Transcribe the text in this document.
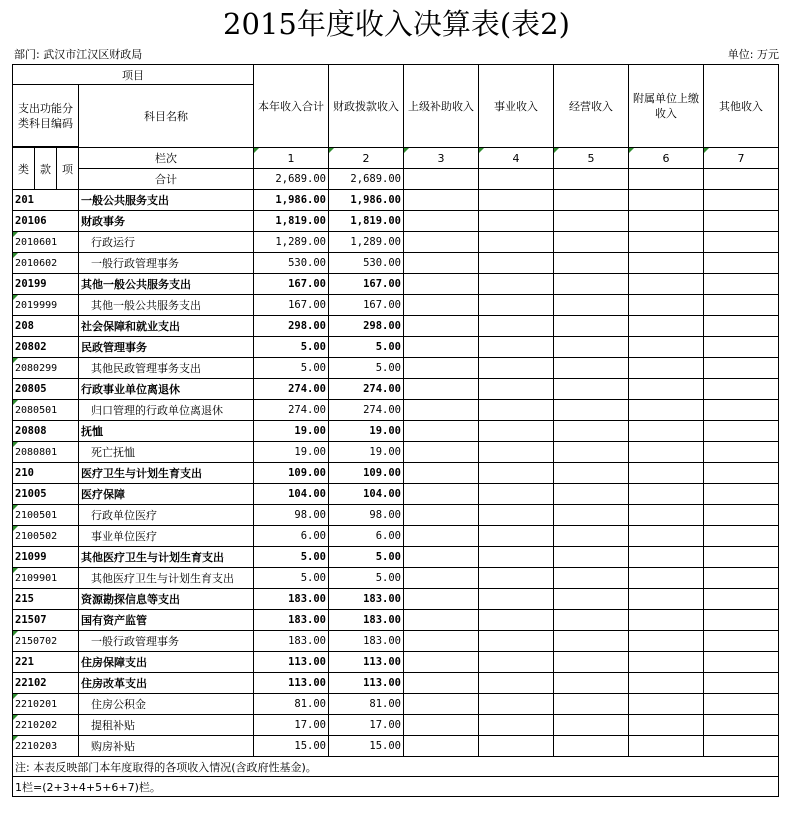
2015年度收入决算表(表2)
部门: 武汉市江汉区财政局	单位: 万元
项目				本年收入合计	财政拨款收入	上级补助收入	事业收入	经营收入	附属单位上缴收入	其他收入
支出功能分类科目编码			科目名称							

类	款	项	栏次	1	2	3	4	5	6	7
			合计	2,689.00	2,689.00					
201			一般公共服务支出	1,986.00	1,986.00					
20106			财政事务	1,819.00	1,819.00					
2010601			行政运行	1,289.00	1,289.00					
2010602			一般行政管理事务	530.00	530.00					
20199			其他一般公共服务支出	167.00	167.00					
2019999			其他一般公共服务支出	167.00	167.00					
208			社会保障和就业支出	298.00	298.00					
20802			民政管理事务	5.00	5.00					
2080299			其他民政管理事务支出	5.00	5.00					
20805			行政事业单位离退休	274.00	274.00					
2080501			归口管理的行政单位离退休	274.00	274.00					
20808			抚恤	19.00	19.00					
2080801			死亡抚恤	19.00	19.00					
210			医疗卫生与计划生育支出	109.00	109.00					
21005			医疗保障	104.00	104.00					
2100501			行政单位医疗	98.00	98.00					
2100502			事业单位医疗	6.00	6.00					
21099			其他医疗卫生与计划生育支出	5.00	5.00					
2109901			其他医疗卫生与计划生育支出	5.00	5.00					
215			资源勘探信息等支出	183.00	183.00					
21507			国有资产监管	183.00	183.00					
2150702			一般行政管理事务	183.00	183.00					
221			住房保障支出	113.00	113.00					
22102			住房改革支出	113.00	113.00					
2210201			住房公积金	81.00	81.00					
2210202			提租补贴	17.00	17.00					
2210203			购房补贴	15.00	15.00					
注: 本表反映部门本年度取得的各项收入情况(含政府性基金)。										
1栏=(2+3+4+5+6+7)栏。										
